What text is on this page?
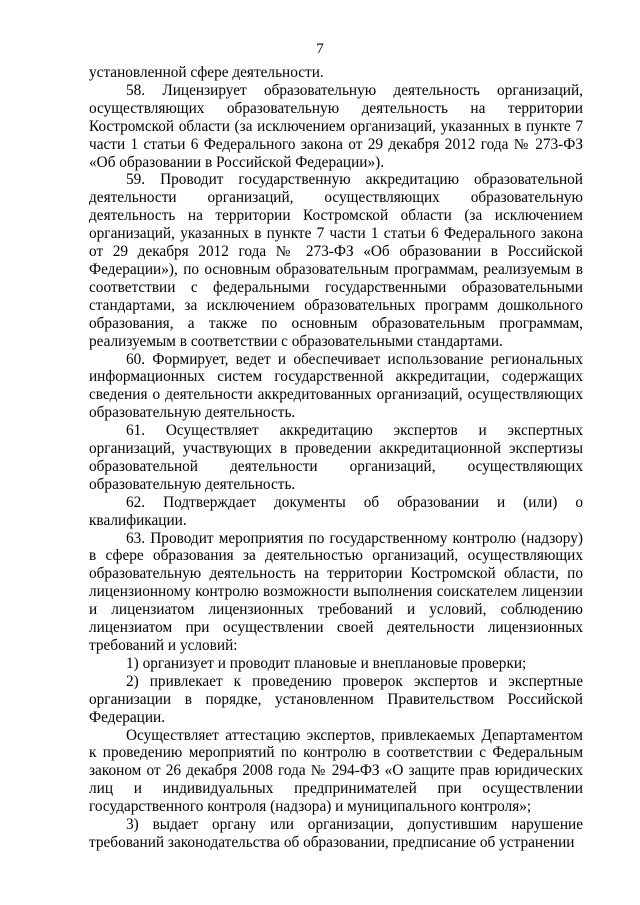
7

установленной сфере деятельности.

58. Лицензирует образовательную деятельность организаций, осуществляющих образовательную деятельность на территории Костромской области (за исключением организаций, указанных в пункте 7 части 1 статьи 6 Федерального закона от 29 декабря 2012 года № 273-ФЗ «Об образовании в Российской Федерации»).

59. Проводит государственную аккредитацию образовательной деятельности организаций, осуществляющих образовательную деятельность на территории Костромской области (за исключением организаций, указанных в пункте 7 части 1 статьи 6 Федерального закона от 29 декабря 2012 года № 273-ФЗ «Об образовании в Российской Федерации»), по основным образовательным программам, реализуемым в соответствии с федеральными государственными образовательными стандартами, за исключением образовательных программ дошкольного образования, а также по основным образовательным программам, реализуемым в соответствии с образовательными стандартами.

60. Формирует, ведет и обеспечивает использование региональных информационных систем государственной аккредитации, содержащих сведения о деятельности аккредитованных организаций, осуществляющих образовательную деятельность.

61. Осуществляет аккредитацию экспертов и экспертных организаций, участвующих в проведении аккредитационной экспертизы образовательной деятельности организаций, осуществляющих образовательную деятельность.

62. Подтверждает документы об образовании и (или) о квалификации.

63. Проводит мероприятия по государственному контролю (надзору) в сфере образования за деятельностью организаций, осуществляющих образовательную деятельность на территории Костромской области, по лицензионному контролю возможности выполнения соискателем лицензии и лицензиатом лицензионных требований и условий, соблюдению лицензиатом при осуществлении своей деятельности лицензионных требований и условий:

1) организует и проводит плановые и внеплановые проверки;

2) привлекает к проведению проверок экспертов и экспертные организации в порядке, установленном Правительством Российской Федерации.

Осуществляет аттестацию экспертов, привлекаемых Департаментом к проведению мероприятий по контролю в соответствии с Федеральным законом от 26 декабря 2008 года № 294-ФЗ «О защите прав юридических лиц и индивидуальных предпринимателей при осуществлении государственного контроля (надзора) и муниципального контроля»;

3) выдает органу или организации, допустившим нарушение требований законодательства об образовании, предписание об устранении
